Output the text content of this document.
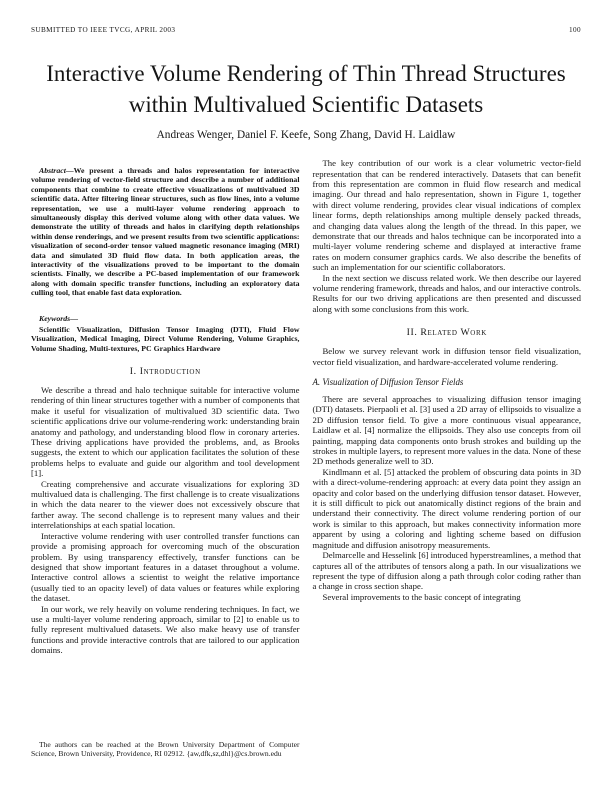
SUBMITTED TO IEEE TVCG, APRIL 2003	100
Interactive Volume Rendering of Thin Thread Structures within Multivalued Scientific Datasets
Andreas Wenger, Daniel F. Keefe, Song Zhang, David H. Laidlaw

Abstract—We present a threads and halos representation for interactive volume rendering of vector-field structure and describe a number of additional components that combine to create effective visualizations of multivalued 3D scientific data. After filtering linear structures, such as flow lines, into a volume representation, we use a multi-layer volume rendering approach to simultaneously display this derived volume along with other data values. We demonstrate the utility of threads and halos in clarifying depth relationships within dense renderings, and we present results from two scientific applications: visualization of second-order tensor valued magnetic resonance imaging (MRI) data and simulated 3D fluid flow data. In both application areas, the interactivity of the visualizations proved to be important to the domain scientists. Finally, we describe a PC-based implementation of our framework along with domain specific transfer functions, including an exploratory data culling tool, that enable fast data exploration.

Keywords—
Scientific Visualization, Diffusion Tensor Imaging (DTI), Fluid Flow Visualization, Medical Imaging, Direct Volume Rendering, Volume Graphics, Volume Shading, Multi-textures, PC Graphics Hardware
I. Introduction

We describe a thread and halo technique suitable for interactive volume rendering of thin linear structures together with a number of components that make it useful for visualization of multivalued 3D scientific data. Two scientific applications drive our volume-rendering work: understanding brain anatomy and pathology, and understanding blood flow in coronary arteries. These driving applications have provided the problems, and, as Brooks suggests, the extent to which our application facilitates the solution of these problems helps to evaluate and guide our algorithm and tool development [1].

Creating comprehensive and accurate visualizations for exploring 3D multivalued data is challenging. The first challenge is to create visualizations in which the data nearer to the viewer does not excessively obscure that farther away. The second challenge is to represent many values and their interrelationships at each spatial location.

Interactive volume rendering with user controlled transfer functions can provide a promising approach for overcoming much of the obscuration problem. By using transparency effectively, transfer functions can be designed that show important features in a dataset throughout a volume. Interactive control allows a scientist to weight the relative importance (usually tied to an opacity level) of data values or features while exploring the dataset.

In our work, we rely heavily on volume rendering techniques. In fact, we use a multi-layer volume rendering approach, similar to [2] to enable us to fully represent multivalued datasets. We also make heavy use of transfer functions and provide interactive controls that are tailored to our application domains.

The authors can be reached at the Brown University Department of Computer Science, Brown University, Providence, RI 02912. {aw,dfk,sz,dhl}@cs.brown.edu

The key contribution of our work is a clear volumetric vector-field representation that can be rendered interactively. Datasets that can benefit from this representation are common in fluid flow research and medical imaging. Our thread and halo representation, shown in Figure 1, together with direct volume rendering, provides clear visual indications of complex linear forms, depth relationships among multiple densely packed threads, and changing data values along the length of the thread. In this paper, we demonstrate that our threads and halos technique can be incorporated into a multi-layer volume rendering scheme and displayed at interactive frame rates on modern consumer graphics cards. We also describe the benefits of such an implementation for our scientific collaborators.

In the next section we discuss related work. We then describe our layered volume rendering framework, threads and halos, and our interactive controls. Results for our two driving applications are then presented and discussed along with some conclusions from this work.

II. Related Work

Below we survey relevant work in diffusion tensor field visualization, vector field visualization, and hardware-accelerated volume rendering.

A. Visualization of Diffusion Tensor Fields

There are several approaches to visualizing diffusion tensor imaging (DTI) datasets. Pierpaoli et al. [3] used a 2D array of ellipsoids to visualize a 2D diffusion tensor field. To give a more continuous visual appearance, Laidlaw et al. [4] normalize the ellipsoids. They also use concepts from oil painting, mapping data components onto brush strokes and building up the strokes in multiple layers, to represent more values in the data. None of these 2D methods generalize well to 3D.

Kindlmann et al. [5] attacked the problem of obscuring data points in 3D with a direct-volume-rendering approach: at every data point they assign an opacity and color based on the underlying diffusion tensor dataset. However, it is still difficult to pick out anatomically distinct regions of the brain and understand their connectivity. The direct volume rendering portion of our work is similar to this approach, but makes connectivity information more apparent by using a coloring and lighting scheme based on diffusion magnitude and diffusion anisotropy measurements.

Delmarcelle and Hesselink [6] introduced hyperstreamlines, a method that captures all of the attributes of tensors along a path. In our visualizations we represent the type of diffusion along a path through color coding rather than a change in cross section shape.

Several improvements to the basic concept of integrating
